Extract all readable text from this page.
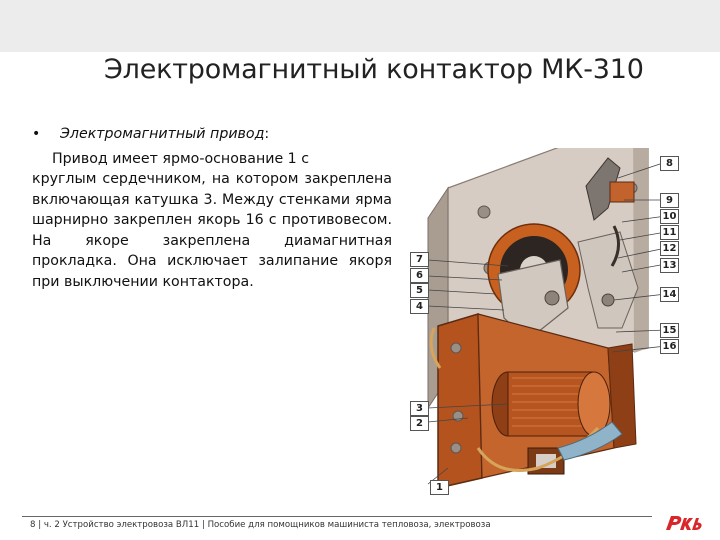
Электромагнитный контактор МК-310
•	Электромагнитный привод:
Привод имеет ярмо-основание 1 с
круглым сердечником, на котором закреплена включающая катушка 3. Между стенками ярма шарнирно закреплен якорь 16 с противовесом. На якоре закреплена диамагнитная прокладка. Она исключает залипание якоря при выключении контактора.
8
9
10
11
12
13
14
15
16
7
6
5
4
3
2
1
8 | ч. 2 Устройство электровоза ВЛ11 | Пособие для помощников машиниста тепловоза, электровоза
